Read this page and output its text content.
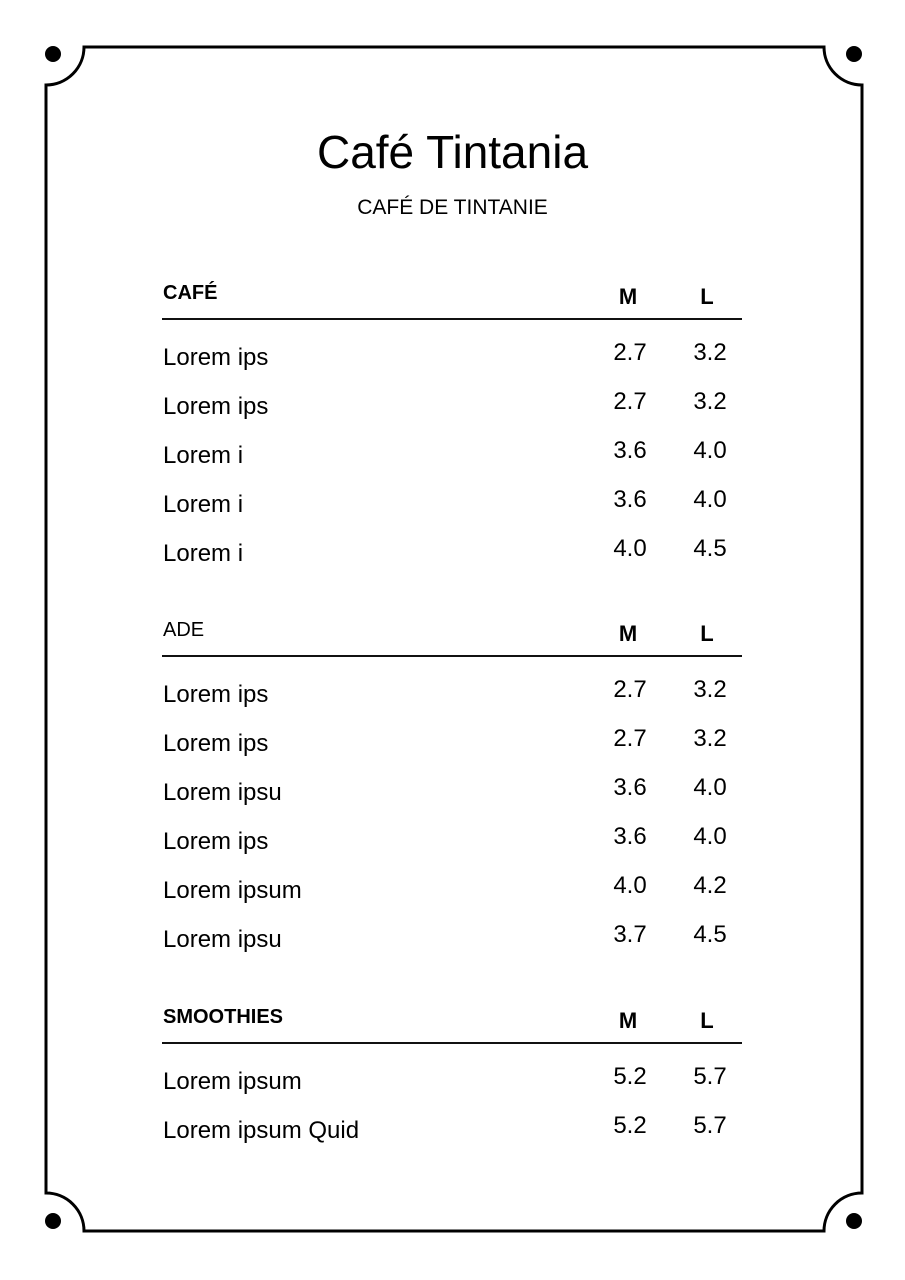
Café Tintania
CAFÉ DE TINTANIE
CAFÉ	M	L
Lorem ips	2.7	3.2
Lorem ips	2.7	3.2
Lorem i	3.6	4.0
Lorem i	3.6	4.0
Lorem i	4.0	4.5
ADE	M	L
Lorem ips	2.7	3.2
Lorem ips	2.7	3.2
Lorem ipsu	3.6	4.0
Lorem ips	3.6	4.0
Lorem ipsum	4.0	4.2
Lorem ipsu	3.7	4.5
SMOOTHIES	M	L
Lorem ipsum	5.2	5.7
Lorem ipsum Quid	5.2	5.7
